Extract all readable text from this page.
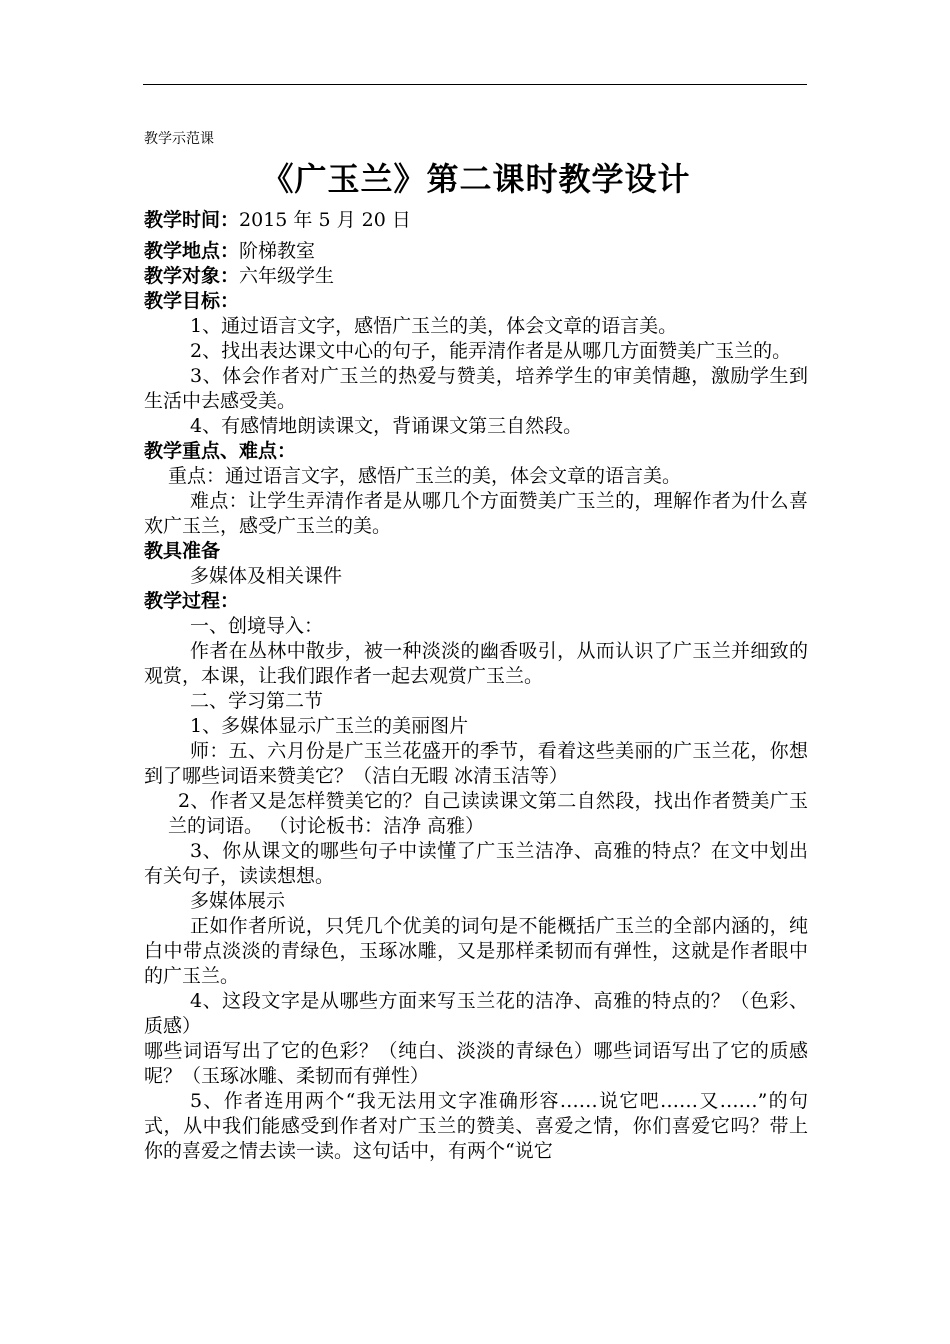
教学示范课
《广玉兰》第二课时教学设计

教学时间：2015 年 5 月 20 日

教学地点：阶梯教室

教学对象：六年级学生

教学目标：

1、通过语言文字，感悟广玉兰的美，体会文章的语言美。

2、找出表达课文中心的句子，能弄清作者是从哪几方面赞美广玉兰的。

3、体会作者对广玉兰的热爱与赞美，培养学生的审美情趣，激励学生到生活中去感受美。

4、有感情地朗读课文，背诵课文第三自然段。

教学重点、难点：

重点：通过语言文字，感悟广玉兰的美，体会文章的语言美。

难点：让学生弄清作者是从哪几个方面赞美广玉兰的，理解作者为什么喜欢广玉兰，感受广玉兰的美。

教具准备

多媒体及相关课件

教学过程：

一、创境导入：

作者在丛林中散步，被一种淡淡的幽香吸引，从而认识了广玉兰并细致的观赏，本课，让我们跟作者一起去观赏广玉兰。

二、学习第二节

1、多媒体显示广玉兰的美丽图片

师：五、六月份是广玉兰花盛开的季节，看着这些美丽的广玉兰花，你想到了哪些词语来赞美它？（洁白无暇 冰清玉洁等）

2、作者又是怎样赞美它的？自己读读课文第二自然段，找出作者赞美广玉兰的词语。 （讨论板书：洁净 高雅）

3、你从课文的哪些句子中读懂了广玉兰洁净、高雅的特点？在文中划出有关句子，读读想想。

多媒体展示

正如作者所说，只凭几个优美的词句是不能概括广玉兰的全部内涵的，纯白中带点淡淡的青绿色，玉琢冰雕，又是那样柔韧而有弹性，这就是作者眼中的广玉兰。

4、这段文字是从哪些方面来写玉兰花的洁净、高雅的特点的？（色彩、质感）

哪些词语写出了它的色彩？（纯白、淡淡的青绿色）哪些词语写出了它的质感呢？（玉琢冰雕、柔韧而有弹性）

5、作者连用两个“我无法用文字准确形容……说它吧……又……”的句式，从中我们能感受到作者对广玉兰的赞美、喜爱之情，你们喜爱它吗？带上你的喜爱之情去读一读。这句话中，有两个“说它
